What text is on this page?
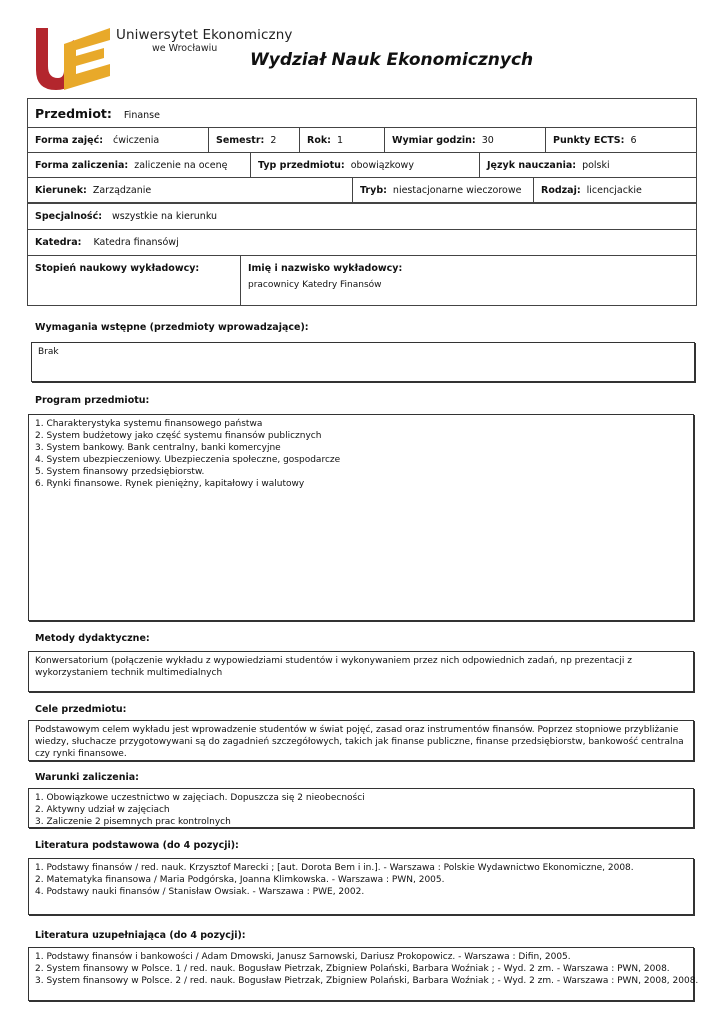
Uniwersytet Ekonomiczny
we Wrocławiu
Wydział Nauk Ekonomicznych
Przedmiot: Finanse
Forma zajęć: ćwiczenia	Semestr: 2	Rok: 1	Wymiar godzin: 30	Punkty ECTS: 6
Forma zaliczenia: zaliczenie na ocenę	Typ przedmiotu: obowiązkowy	Język nauczania: polski
Kierunek: Zarządzanie	Tryb: niestacjonarne wieczorowe	Rodzaj: licencjackie
Specjalność: wszystkie na kierunku
Katedra: Katedra finansówj
Stopień naukowy wykładowcy:	Imię i nazwisko wykładowcy:
pracownicy Katedry Finansów
Wymagania wstępne (przedmioty wprowadzające):
Brak
Program przedmiotu:
1. Charakterystyka systemu finansowego państwa
2. System budżetowy jako część systemu finansów publicznych
3. System bankowy. Bank centralny, banki komercyjne
4. System ubezpieczeniowy. Ubezpieczenia społeczne, gospodarcze
5. System finansowy przedsiębiorstw.
6. Rynki finansowe. Rynek pieniężny, kapitałowy i walutowy
Metody dydaktyczne:
Konwersatorium (połączenie wykładu z wypowiedziami studentów i wykonywaniem przez nich odpowiednich zadań, np prezentacji z wykorzystaniem technik multimedialnych
Cele przedmiotu:
Podstawowym celem wykładu jest wprowadzenie studentów w świat pojęć, zasad oraz instrumentów finansów. Poprzez stopniowe przybliżanie wiedzy, słuchacze przygotowywani są do zagadnień szczegółowych, takich jak finanse publiczne, finanse przedsiębiorstw, bankowość centralna czy rynki finansowe.
Warunki zaliczenia:
1. Obowiązkowe uczestnictwo w zajęciach. Dopuszcza się 2 nieobecności
2. Aktywny udział w zajęciach
3. Zaliczenie 2 pisemnych prac kontrolnych
Literatura podstawowa (do 4 pozycji):
1. Podstawy finansów / red. nauk. Krzysztof Marecki ; [aut. Dorota Bem i in.]. - Warszawa : Polskie Wydawnictwo Ekonomiczne, 2008.
2. Matematyka finansowa / Maria Podgórska, Joanna Klimkowska. - Warszawa : PWN, 2005.
4. Podstawy nauki finansów / Stanisław Owsiak. - Warszawa : PWE, 2002.
Literatura uzupełniająca (do 4 pozycji):
1. Podstawy finansów i bankowości / Adam Dmowski, Janusz Sarnowski, Dariusz Prokopowicz. - Warszawa : Difin, 2005.
2. System finansowy w Polsce. 1 / red. nauk. Bogusław Pietrzak, Zbigniew Polański, Barbara Woźniak ; - Wyd. 2 zm. - Warszawa : PWN, 2008.
3. System finansowy w Polsce. 2 / red. nauk. Bogusław Pietrzak, Zbigniew Polański, Barbara Woźniak ; - Wyd. 2 zm. - Warszawa : PWN, 2008, 2008.
